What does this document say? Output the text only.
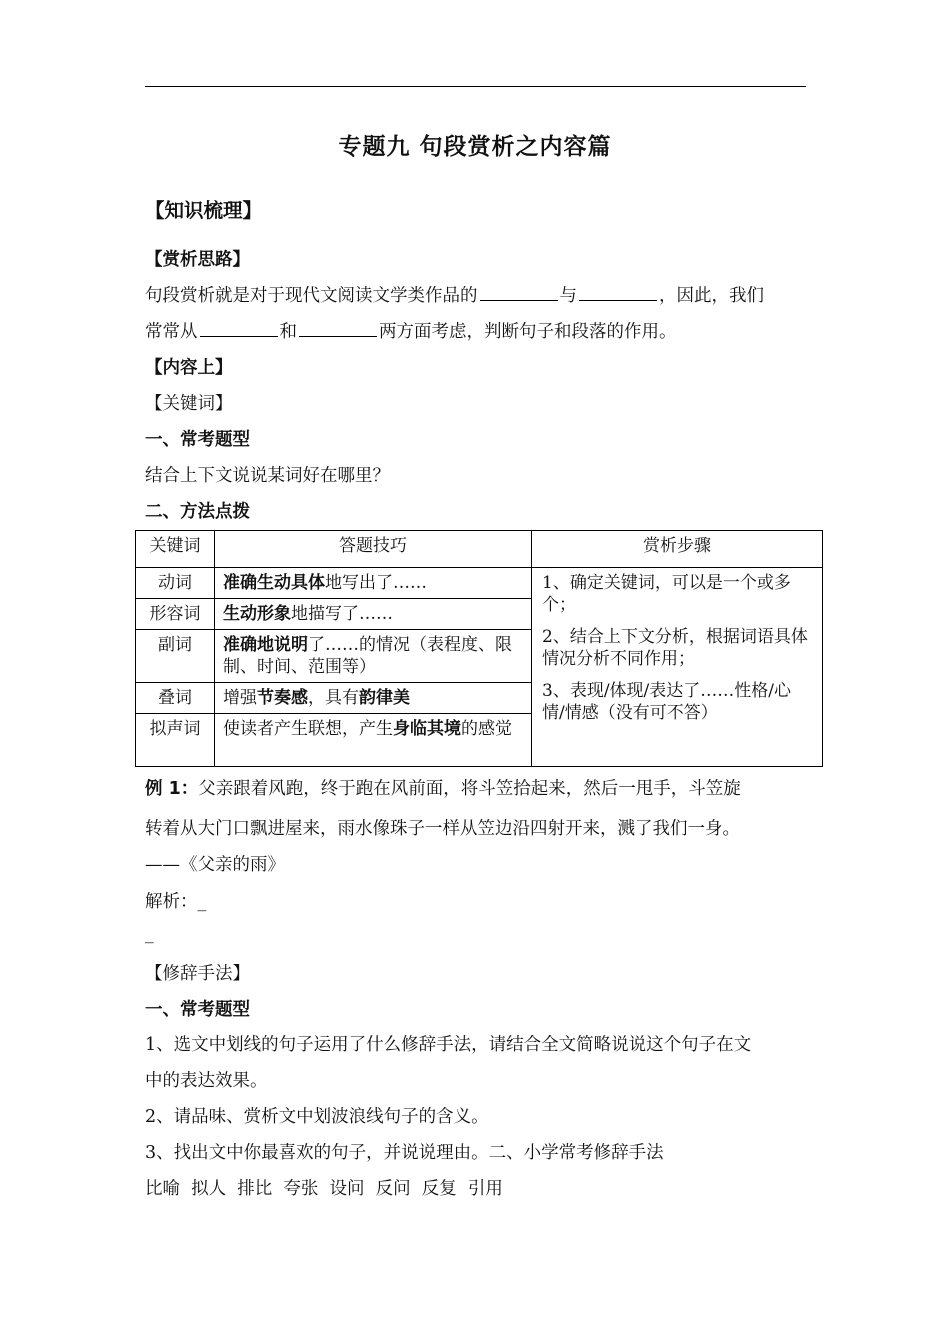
专题九 句段赏析之内容篇
【知识梳理】
【赏析思路】
句段赏析就是对于现代文阅读文学类作品的	与	，因此，我们
常常从	和	两方面考虑，判断句子和段落的作用。
【内容上】
【关键词】
一、常考题型
结合上下文说说某词好在哪里？
二、方法点拨
关键词	答题技巧	赏析步骤
动词	准确生动具体地写出了……	1、确定关键词，可以是一个或多个；

2、结合上下文分析，根据词语具体情况分析不同作用；

3、表现/体现/表达了……性格/心情/情感（没有可不答）

形容词	生动形象地描写了……	
副词	准确地说明了……的情况（表程度、限制、时间、范围等）	
叠词	增强节奏感，具有韵律美	
拟声词	使读者产生联想，产生身临其境的感觉	
例 1：父亲跟着风跑，终于跑在风前面，将斗笠拾起来，然后一甩手，斗笠旋
转着从大门口飘进屋来，雨水像珠子一样从笠边沿四射开来，溅了我们一身。
——《父亲的雨》
解析：_
_
【修辞手法】
一、常考题型
1、选文中划线的句子运用了什么修辞手法，请结合全文简略说说这个句子在文
中的表达效果。
2、请品味、赏析文中划波浪线句子的含义。
3、找出文中你最喜欢的句子，并说说理由。二、小学常考修辞手法
比喻  拟人  排比  夸张  设问  反问  反复  引用
